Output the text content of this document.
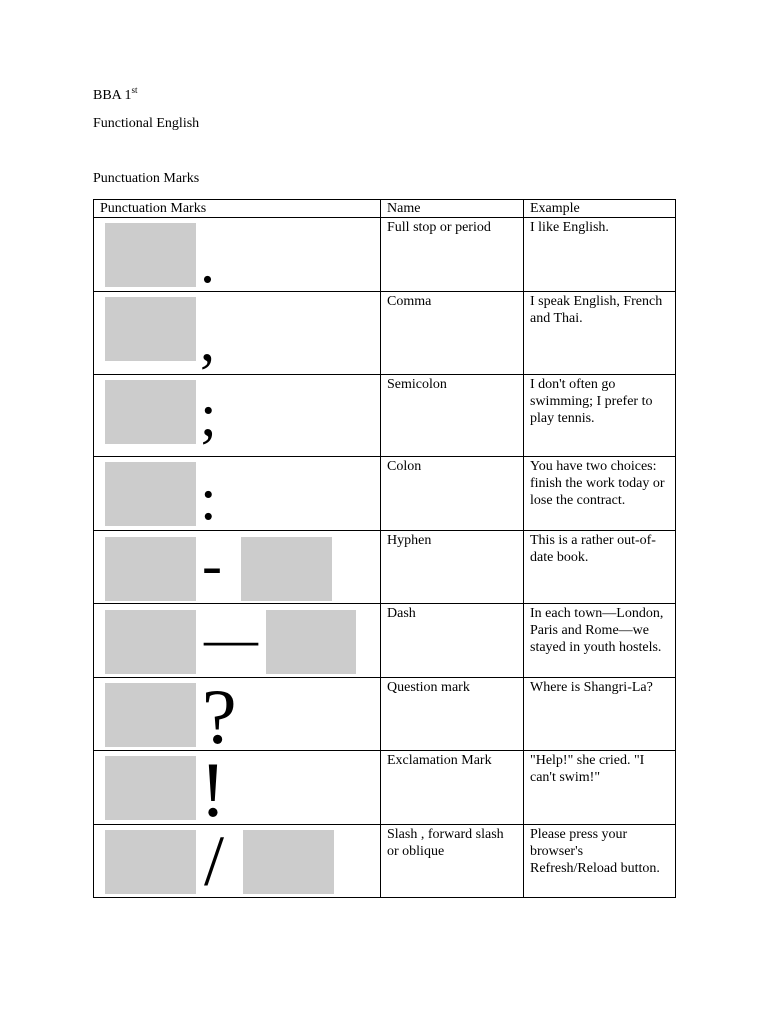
BBA 1st
Functional English
Punctuation Marks
Punctuation Marks	Name	Example

.	Full stop or period	I like English.

,	Comma	I speak English, French and Thai.

;	Semicolon	I don't often go swimming; I prefer to play tennis.

:	Colon	You have two choices: finish the work today or lose the contract.

-	Hyphen	This is a rather out-of-date book.

—	Dash	In each town—London, Paris and Rome—we stayed in youth hostels.

?	Question mark	Where is Shangri-La?

!	Exclamation Mark	"Help!" she cried. "I can't swim!"

/	Slash , forward slash or oblique	Please press your browser's Refresh/Reload button.
